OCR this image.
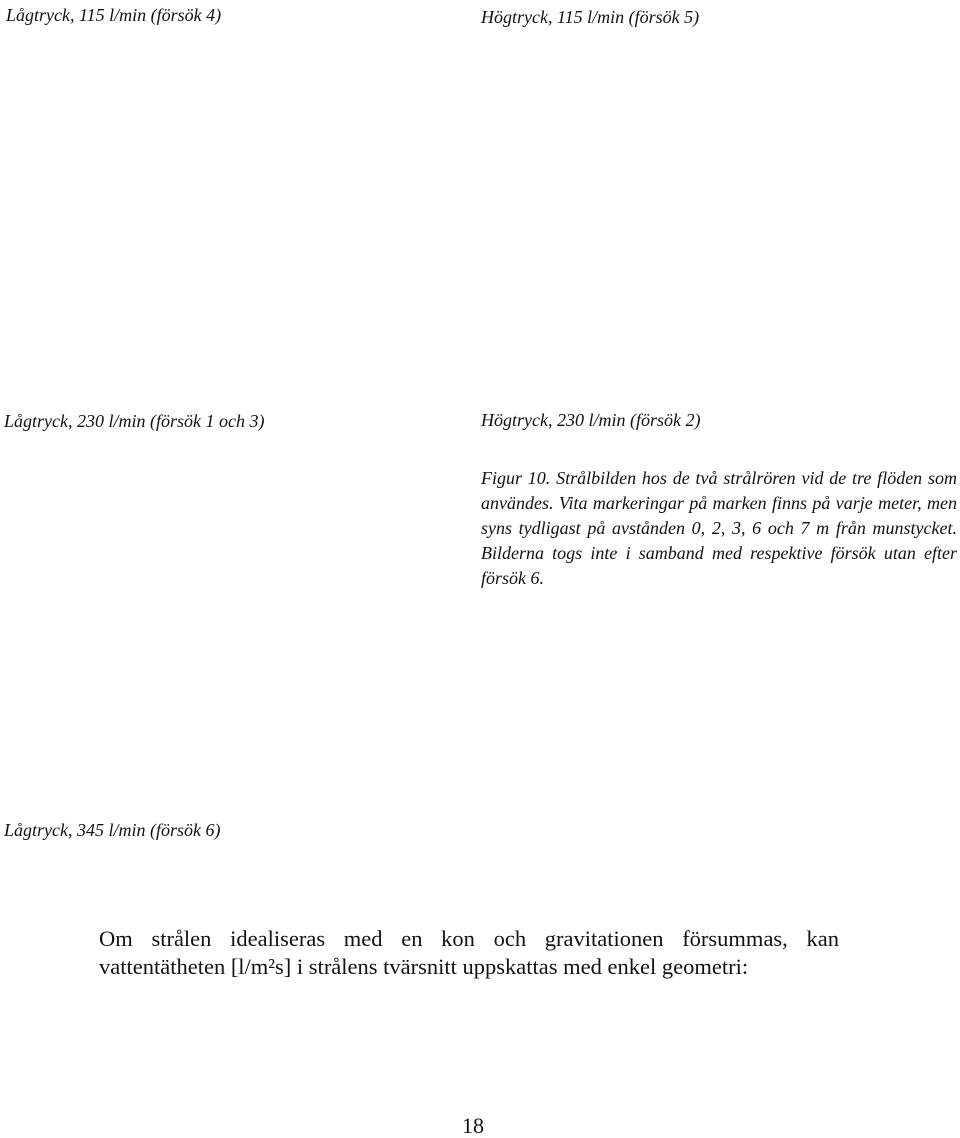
Lågtryck, 115 l/min (försök 4)	Högtryck, 115 l/min (försök 5)
Lågtryck, 230 l/min (försök 1 och 3)	Högtryck, 230 l/min (försök 2)
Figur 10. Strålbilden hos de två strålrören vid de tre flöden som användes. Vita markeringar på marken finns på varje meter, men syns tydligast på avstånden 0, 2, 3, 6 och 7 m från munstycket. Bilderna togs inte i samband med respektive försök utan efter försök 6.
Lågtryck, 345 l/min (försök 6)

Om strålen idealiseras med en kon och gravitationen försummas, kan vattentätheten [l/m²s] i strålens tvärsnitt uppskattas med enkel geometri:

18
